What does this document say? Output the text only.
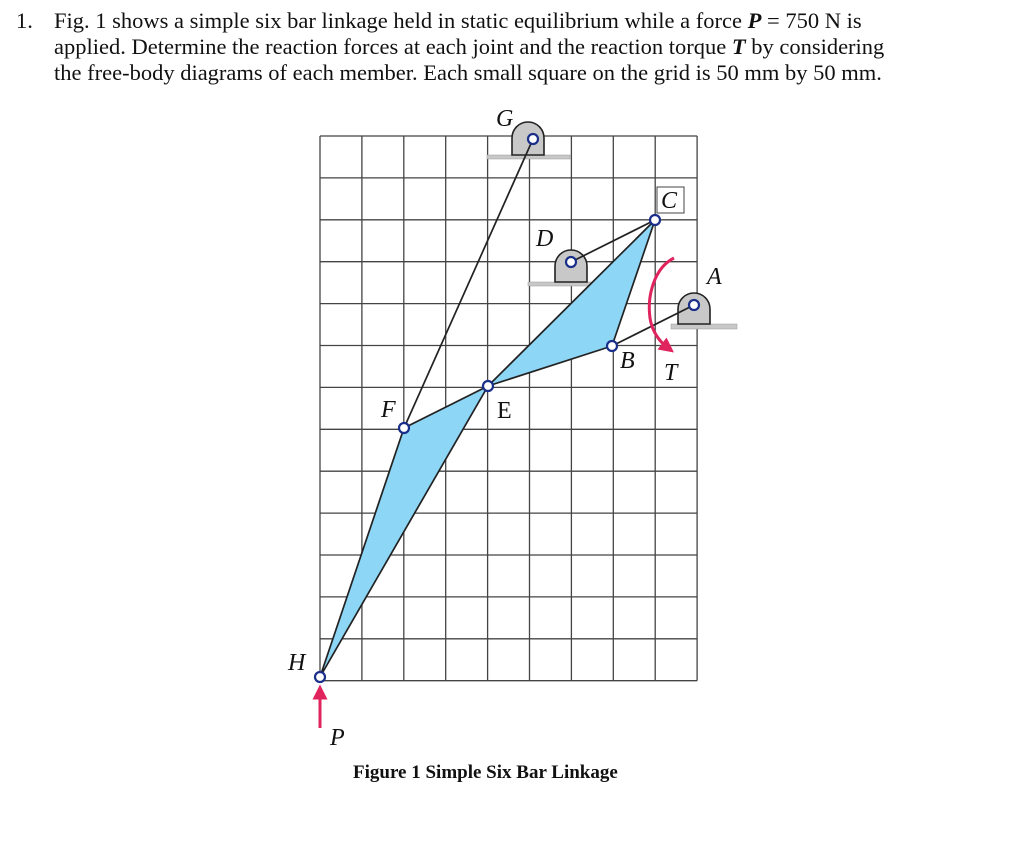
1. Fig. 1 shows a simple six bar linkage held in static equilibrium while a force P = 750 N is
applied. Determine the reaction forces at each joint and the reaction torque T by considering
the free-body diagrams of each member. Each small square on the grid is 50 mm by 50 mm.
G
C
D
A
B T
F	E
H
P
Figure 1 Simple Six Bar Linkage
